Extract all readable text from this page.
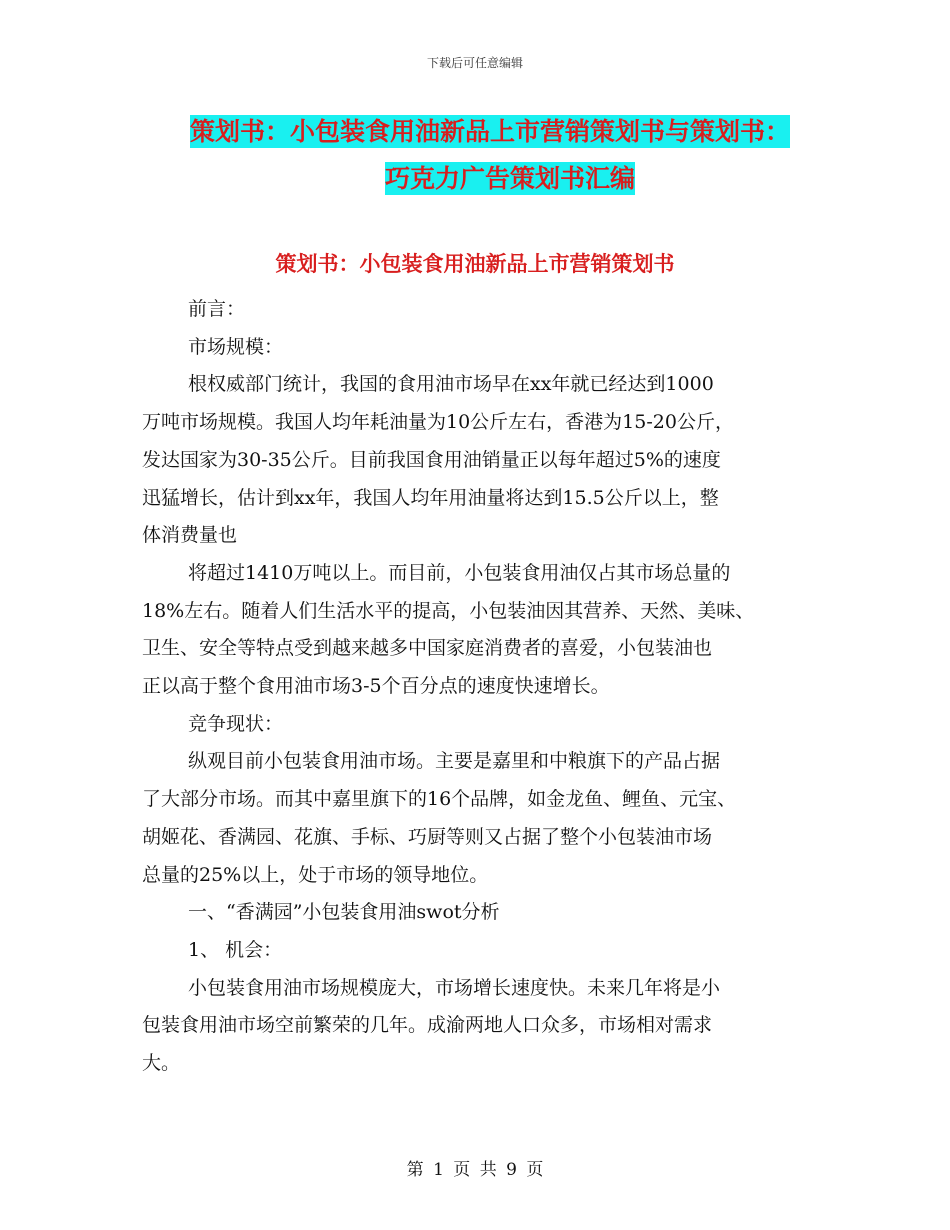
下载后可任意编辑
策划书：小包装食用油新品上市营销策划书与策划书：
巧克力广告策划书汇编
策划书：小包装食用油新品上市营销策划书

前言：

市场规模：

根权威部门统计，我国的食用油市场早在xx年就已经达到1000

万吨市场规模。我国人均年耗油量为10公斤左右，香港为15-20公斤，

发达国家为30-35公斤。目前我国食用油销量正以每年超过5%的速度

迅猛增长，估计到xx年，我国人均年用油量将达到15.5公斤以上，整

体消费量也

将超过1410万吨以上。而目前，小包装食用油仅占其市场总量的

18%左右。随着人们生活水平的提高，小包装油因其营养、天然、美味、

卫生、安全等特点受到越来越多中国家庭消费者的喜爱，小包装油也

正以高于整个食用油市场3-5个百分点的速度快速增长。

竞争现状：

纵观目前小包装食用油市场。主要是嘉里和中粮旗下的产品占据

了大部分市场。而其中嘉里旗下的16个品牌，如金龙鱼、鲤鱼、元宝、

胡姬花、香满园、花旗、手标、巧厨等则又占据了整个小包装油市场

总量的25%以上，处于市场的领导地位。

一、“香满园”小包装食用油swot分析

1、 机会：

小包装食用油市场规模庞大，市场增长速度快。未来几年将是小

包装食用油市场空前繁荣的几年。成渝两地人口众多，市场相对需求

大。

第 1 页 共 9 页
